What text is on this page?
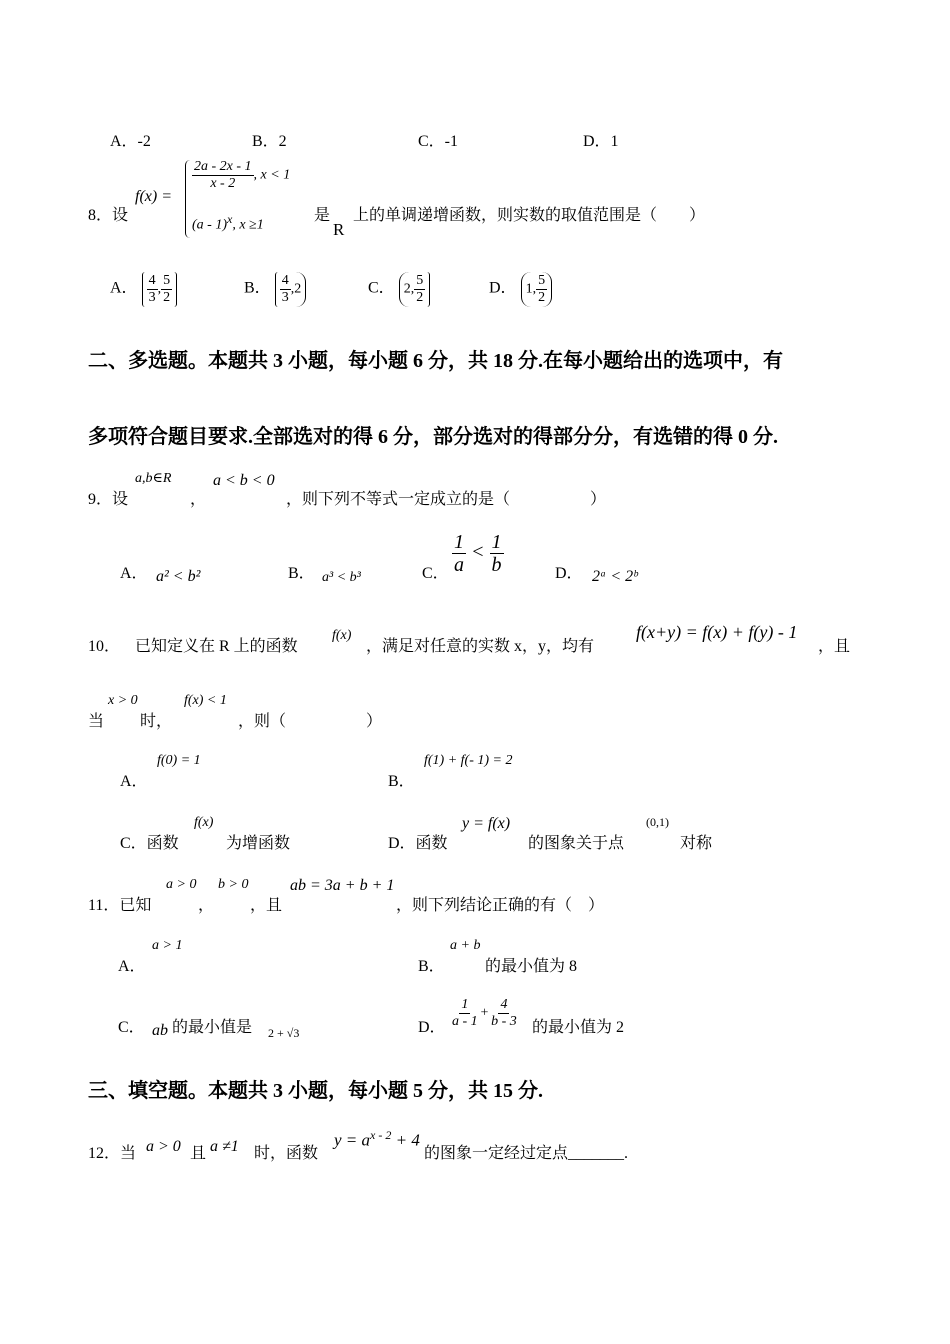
A．-2	B．2	C．-1	D．1
8．设
f(x) =
$\frac{2a - 2x - 1}{x - 2}$ , x < 1
(a - 1)$^x$, x ≥1
是
R
上的单调递增函数，则实数的取值范围是（　　）
A． $\frac{4}{3}$ , $\frac{5}{2}$	B． $\frac{4}{3} ,2$	C． 2, $\frac{5}{2}$	D． 1, $\frac{5}{2}$
二、多选题。本题共 3 小题，每小题 6 分，共 18 分.在每小题给出的选项中，有
多项符合题目要求.全部选对的得 6 分，部分选对的得部分分，有选错的得 0 分.
9．设
a,b∈R
，
a < b < 0
，则下列不等式一定成立的是（　　　　　）
A． a² < b²	B． a³ < b³	C． $\frac{1}{a} < \frac{1}{b}$	D． 2ᵃ < 2ᵇ
10． 已知定义在 R 上的函数
f(x)
，满足对任意的实数 x，y，均有
f(x+y) = f(x) + f(y) - 1
，且
当
x > 0
时，
f(x) < 1
，则（　　　　　）
A．
f(0) = 1
B．
f(1) + f(- 1) = 2
C．函数
f(x)
为增函数	D．函数
y = f(x)
的图象关于点
(0,1)
对称
11．已知
a > 0
，
b > 0
，且
ab = 3a + b + 1
，则下列结论正确的有（　）
A．
a > 1
B．
a + b
的最小值为 8
C． ab 的最小值是 2 + √3	D． $\frac{1}{a - 1} + \frac{4}{b - 3}$ 的最小值为 2
三、填空题。本题共 3 小题，每小题 5 分，共 15 分.
12．当 a > 0 且 a ≠1 时，函数
$y = a^{x - 2} + 4$
的图象一定经过定点_______.
